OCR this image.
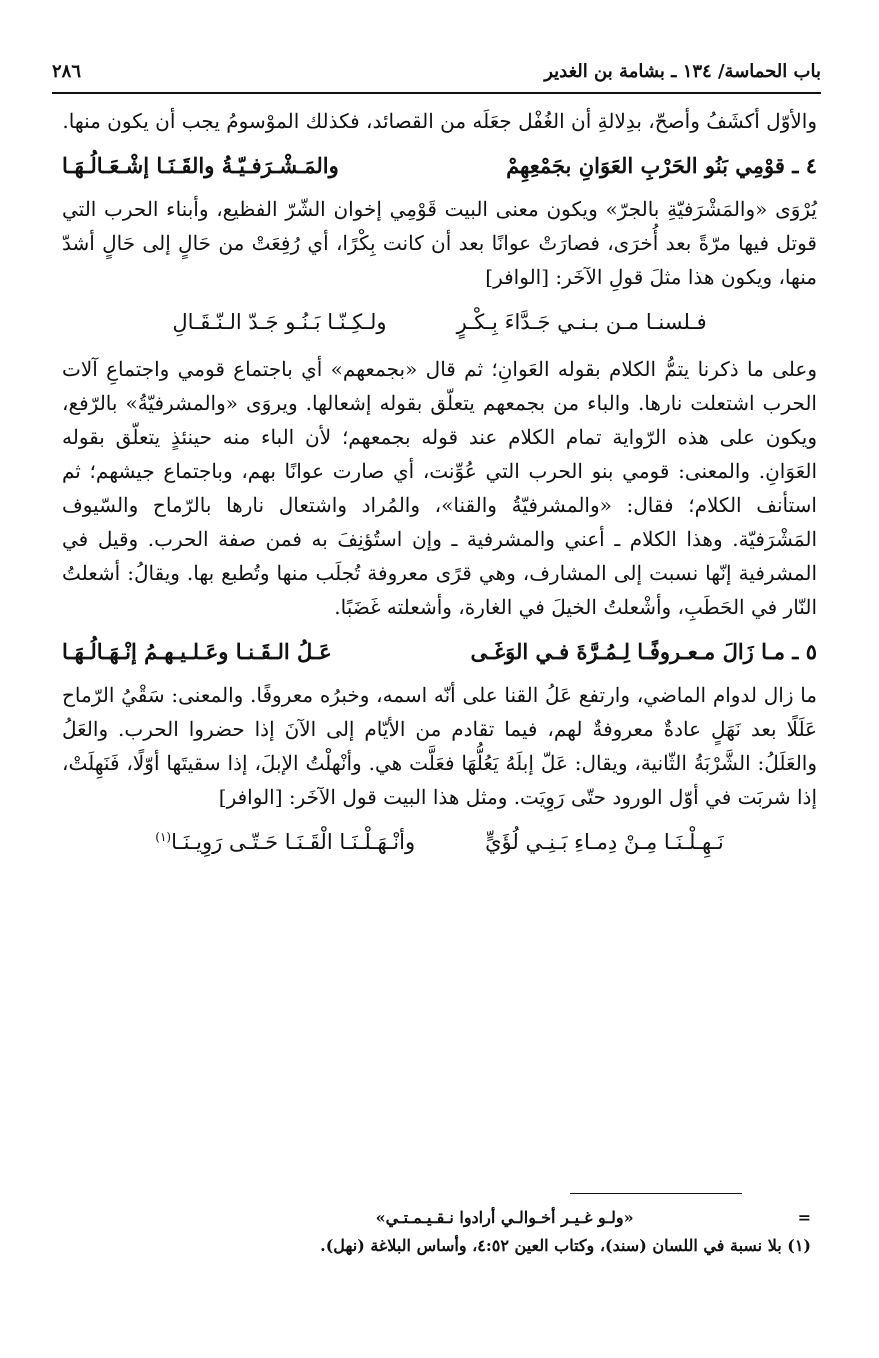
٢٨٦	باب الحماسة/ ١٣٤ ـ بشامة بن الغدير

والأوّل أكشَفُ وأصحّ، بدِلالةِ أن الغُفْل جعَلَه من القصائد، فكذلك الموْسومُ يجب أن يكون منها.

٤ ـ قوْمِي بَنُو الحَرْبِ العَوَانِ بجَمْعِهِمْ
والمَـشْـرَفـيّـةُ والقَـنَـا إشْـعَـالُـهَـا

يُرْوَى «والمَشْرَفيّةِ بالجرّ» ويكون معنى البيت قَوْمِي إخوان الشّرّ الفظيع، وأبناء الحرب التي قوتل فيها مرّةً بعد أُخرَى، فصارَتْ عوانًا بعد أن كانت بِكْرًا، أي رُفِعَتْ من حَالٍ إلى حَالٍ أشدّ منها، ويكون هذا مثلَ قولِ الآخَر: [الوافر]

فـلسنـا مـن بـنـي جَـدَّاءَ بِـكْـرٍ
ولـكِـنّـا بَـنُـو جَـدّ الـنّـقَـالِ

وعلى ما ذكرنا يتمُّ الكلام بقوله العَوانِ؛ ثم قال «بجمعهم» أي باجتماع قومي واجتماعِ آلات الحرب اشتعلت نارها. والباء من بجمعهم يتعلّق بقوله إشعالها. ويروَى «والمشرفيّةُ» بالرّفع، ويكون على هذه الرّواية تمام الكلام عند قوله بجمعهم؛ لأن الباء منه حينئذٍ يتعلّق بقوله العَوَانِ. والمعنى: قومي بنو الحرب التي عُوِّنت، أي صارت عوانًا بهم، وباجتماع جيشهم؛ ثم استأنف الكلام؛ فقال: «والمشرفيّةُ والقنا»، والمُراد واشتعال نارها بالرّماح والسّيوف المَشْرَفيّة. وهذا الكلام ـ أعني والمشرفية ـ وإن استُؤنِفَ به فمن صفة الحرب. وقيل في المشرفية إنّها نسبت إلى المشارف، وهي قرًى معروفة تُجلَب منها وتُطبع بها. ويقالُ: أشعلتُ النّار في الحَطَبِ، وأشْعلتُ الخيلَ في الغارة، وأشعلته غَضَبًا.

٥ ـ مـا زَالَ مـعـروفًـا لِـمُـرَّةَ فـي الوَغَـى
عَـلُ الـقَـنـا وعَـلـيـهـمُ إنْـهَـالُـهَـا

ما زال لدوام الماضي، وارتفع عَلُ القنا على أنّه اسمه، وخبرُه معروفًا. والمعنى: سَقْيُ الرّماح عَلَلًا بعد نَهَلٍ عادةٌ معروفةٌ لهم، فيما تقادم من الأيّام إلى الآنَ إذا حضروا الحرب. والعَلُ والعَلَلُ: الشَّرْبَةُ الثّانية، ويقال: عَلّ إبلَهُ يَعُلُّهَا فعَلَّت هي. وأنْهلْتُ الإبلَ، إذا سقيتَها أوّلًا، فَنَهِلَتْ، إذا شربَت في أوّل الورود حتّى رَوِيَت. ومثل هذا البيت قول الآخَر: [الوافر]

نَـهِـلْـنَـا مِـنْ دِمـاءِ بَـنِـي لُؤَيٍّ
وأنْـهَـلْـنَـا الْقَـنَـا حَـتّـى رَوِيـنَـا$^{(١)}$
=
«ولـو غـيـر أخـوالـي أرادوا نـقـيـمـتـي»
(١) بلا نسبة في اللسان (سند)، وكتاب العين ٤:٥٢، وأساس البلاغة (نهل).
